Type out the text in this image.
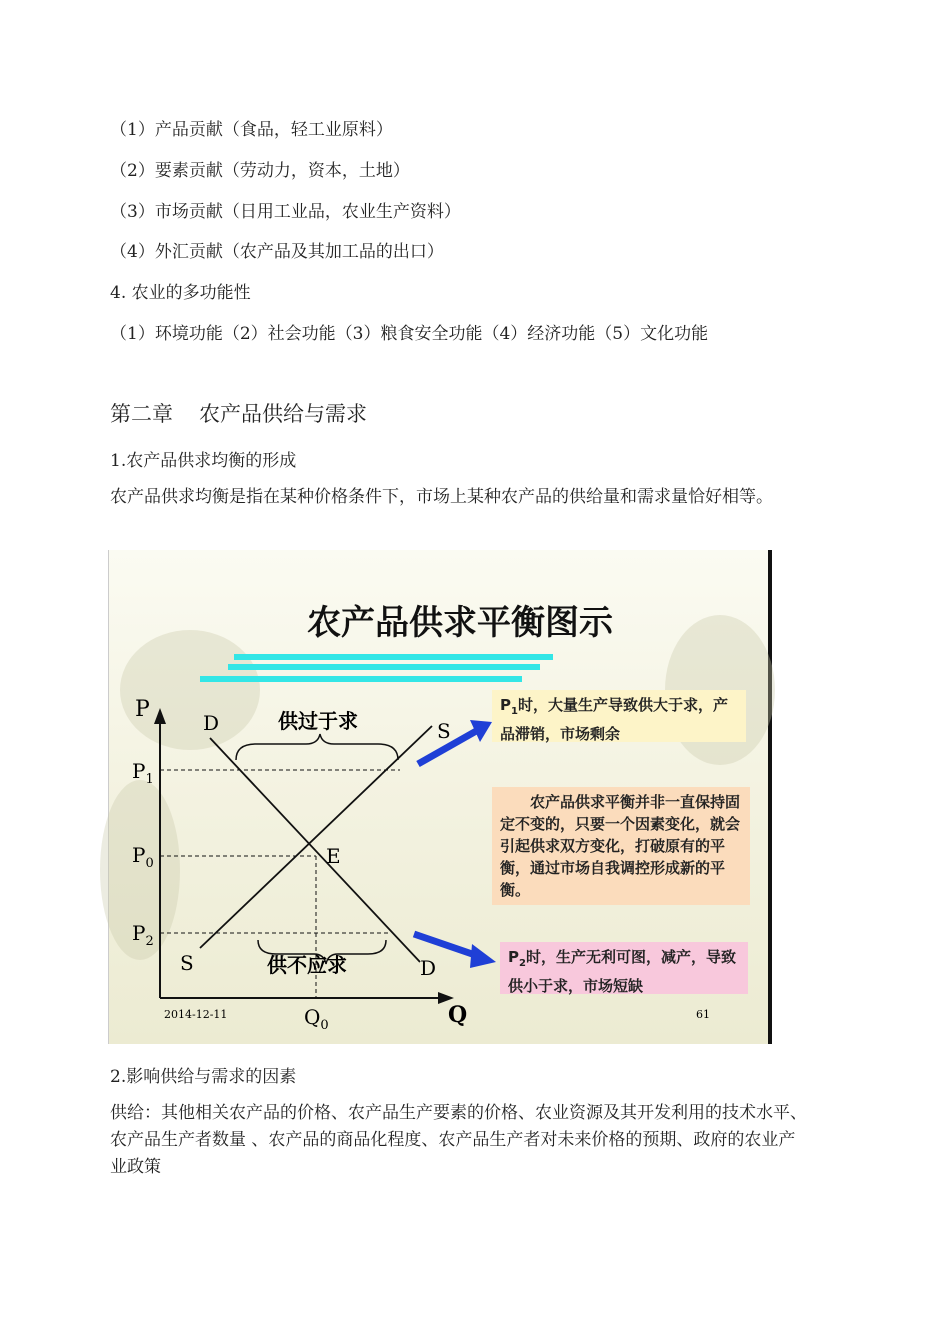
（1）产品贡献（食品，轻工业原料）
（2）要素贡献（劳动力，资本，土地）
（3）市场贡献（日用工业品，农业生产资料）
（4）外汇贡献（农产品及其加工品的出口）
4. 农业的多功能性
（1）环境功能（2）社会功能（3）粮食安全功能（4）经济功能（5）文化功能
第二章 农产品供给与需求
1.农产品供求均衡的形成
农产品供求均衡是指在某种价格条件下，市场上某种农产品的供给量和需求量恰好相等。
农产品供求平衡图示
P
Q
$P_1$
$P_0$
$P_2$
$Q_0$
D	S
S	D
E
供过于求
供不应求
2014-12-11	61
$P_1$时，大量生产导致供大于求，产品滞销，市场剩余
农产品供求平衡并非一直保持固定不变的，只要一个因素变化，就会引起供求双方变化，打破原有的平衡，通过市场自我调控形成新的平衡。
$P_2$时，生产无利可图，减产，导致供小于求，市场短缺
2.影响供给与需求的因素
供给：其他相关农产品的价格、农产品生产要素的价格、农业资源及其开发利用的技术水平、农产品生产者数量 、农产品的商品化程度、农产品生产者对未来价格的预期、政府的农业产业政策
